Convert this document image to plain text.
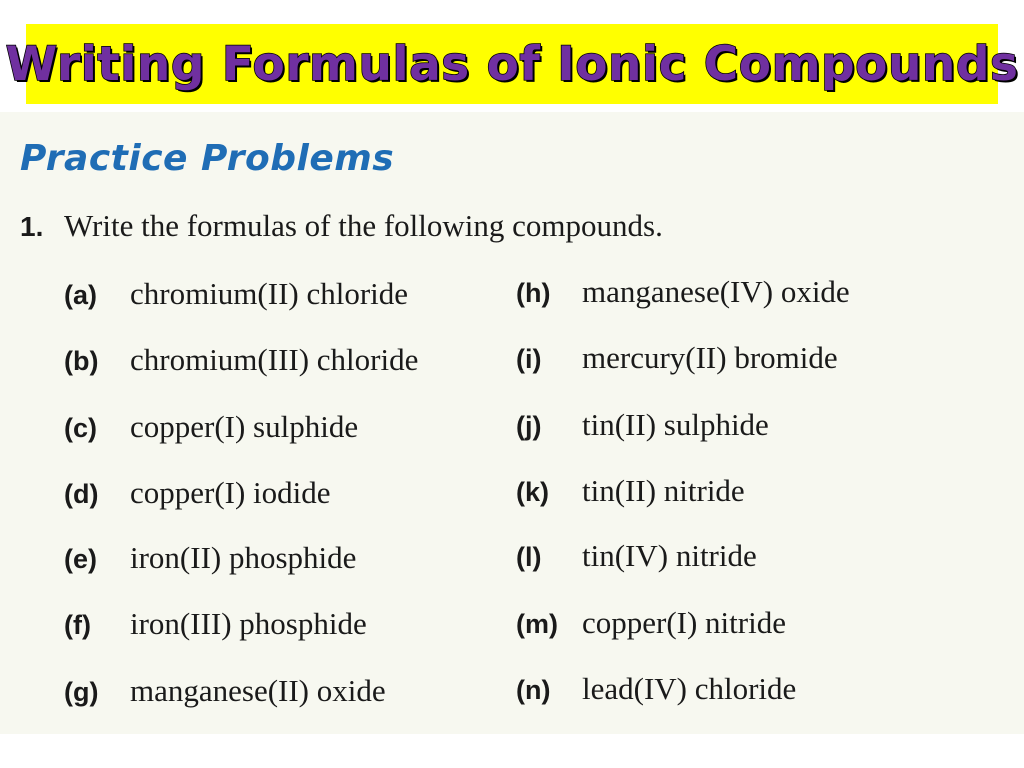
Writing Formulas of Ionic Compounds
Practice Problems
1. Write the formulas of the following compounds.
(a) chromium(II) chloride
(b) chromium(III) chloride
(c) copper(I) sulphide
(d) copper(I) iodide
(e) iron(II) phosphide
(f) iron(III) phosphide
(g) manganese(II) oxide
(h) manganese(IV) oxide
(i) mercury(II) bromide
(j) tin(II) sulphide
(k) tin(II) nitride
(l) tin(IV) nitride
(m) copper(I) nitride
(n) lead(IV) chloride
